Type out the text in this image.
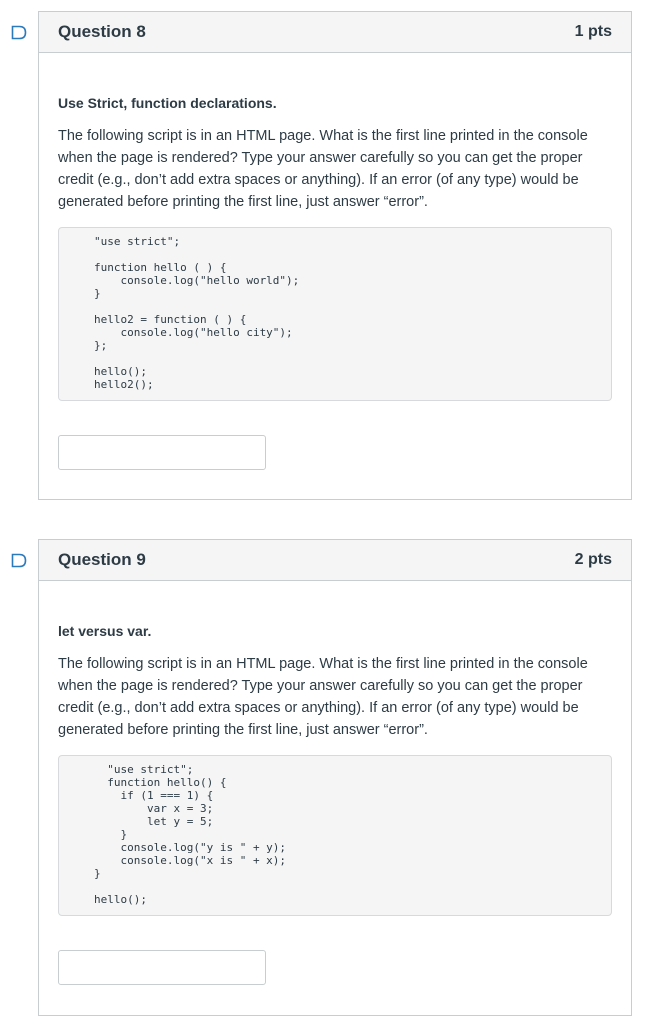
Question 8	1 pts

Use Strict, function declarations.

The following script is in an HTML page. What is the first line printed in the console when the page is rendered? Type your answer carefully so you can get the proper credit (e.g., don’t add extra spaces or anything). If an error (of any type) would be generated before printing the first line, just answer “error”.

"use strict";
function hello ( ) {
console.log("hello world");
}
hello2 = function ( ) {
console.log("hello city");
};
hello();
hello2();
Question 9	2 pts

let versus var.

The following script is in an HTML page. What is the first line printed in the console when the page is rendered? Type your answer carefully so you can get the proper credit (e.g., don’t add extra spaces or anything). If an error (of any type) would be generated before printing the first line, just answer “error”.

"use strict";
function hello() {
if (1 === 1) {
var x = 3;
let y = 5;
}
console.log("y is " + y);
console.log("x is " + x);
}
hello();
